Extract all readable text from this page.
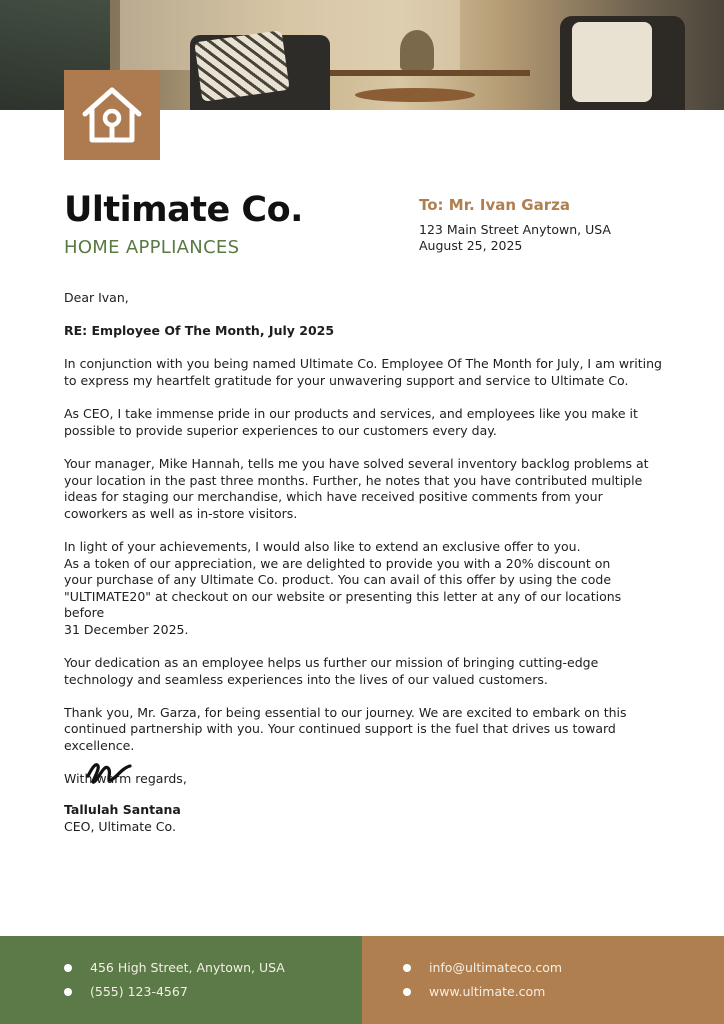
Ultimate Co.
HOME APPLIANCES
To: Mr. Ivan Garza
123 Main Street Anytown, USA
August 25, 2025

Dear Ivan,

RE: Employee Of The Month, July 2025

In conjunction with you being named Ultimate Co. Employee Of The Month for July, I am writing to express my heartfelt gratitude for your unwavering support and service to Ultimate Co.

As CEO, I take immense pride in our products and services, and employees like you make it possible to provide superior experiences to our customers every day.

Your manager, Mike Hannah, tells me you have solved several inventory backlog problems at your location in the past three months. Further, he notes that you have contributed multiple ideas for staging our merchandise, which have received positive comments from your coworkers as well as in-store visitors.

In light of your achievements, I would also like to extend an exclusive offer to you.
As a token of our appreciation, we are delighted to provide you with a 20% discount on
your purchase of any Ultimate Co. product. You can avail of this offer by using the code
"ULTIMATE20" at checkout on our website or presenting this letter at any of our locations before
31 December 2025.

Your dedication as an employee helps us further our mission of bringing cutting-edge technology and seamless experiences into the lives of our valued customers.

Thank you, Mr. Garza, for being essential to our journey. We are excited to embark on this continued partnership with you. Your continued support is the fuel that drives us toward excellence.

With warm regards,

Tallulah Santana
CEO, Ultimate Co.
456 High Street, Anytown, USA
(555) 123-4567
info@ultimateco.com
www.ultimate.com
